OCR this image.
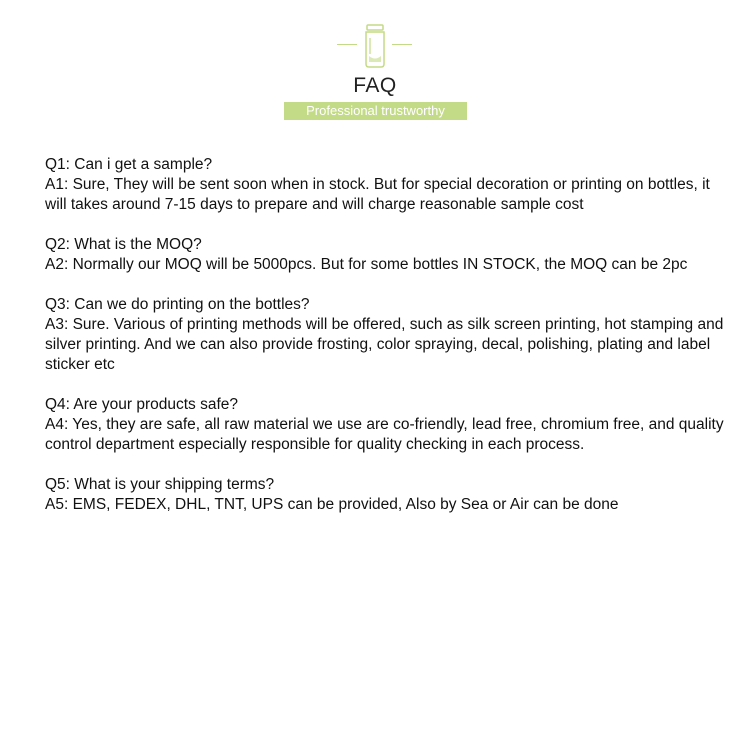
FAQ
Professional trustworthy

Q1: Can i get a sample?

A1: Sure, They will be sent soon when in stock. But for special decoration or printing on bottles, it will takes around 7-15 days to prepare and will charge reasonable sample cost

Q2: What is the MOQ?

A2: Normally our MOQ will be 5000pcs. But for some bottles IN STOCK, the MOQ can be 2pc

Q3: Can we do printing on the bottles?

A3: Sure. Various of printing methods will be offered, such as silk screen printing, hot stamping and silver printing. And we can also provide frosting, color spraying, decal, polishing, plating and label sticker etc

Q4: Are your products safe?

A4: Yes, they are safe, all raw material we use are co-friendly, lead free, chromium free, and quality control department especially responsible for quality checking in each process.

Q5: What is your shipping terms?

A5: EMS, FEDEX, DHL, TNT, UPS can be provided, Also by Sea or Air can be done
